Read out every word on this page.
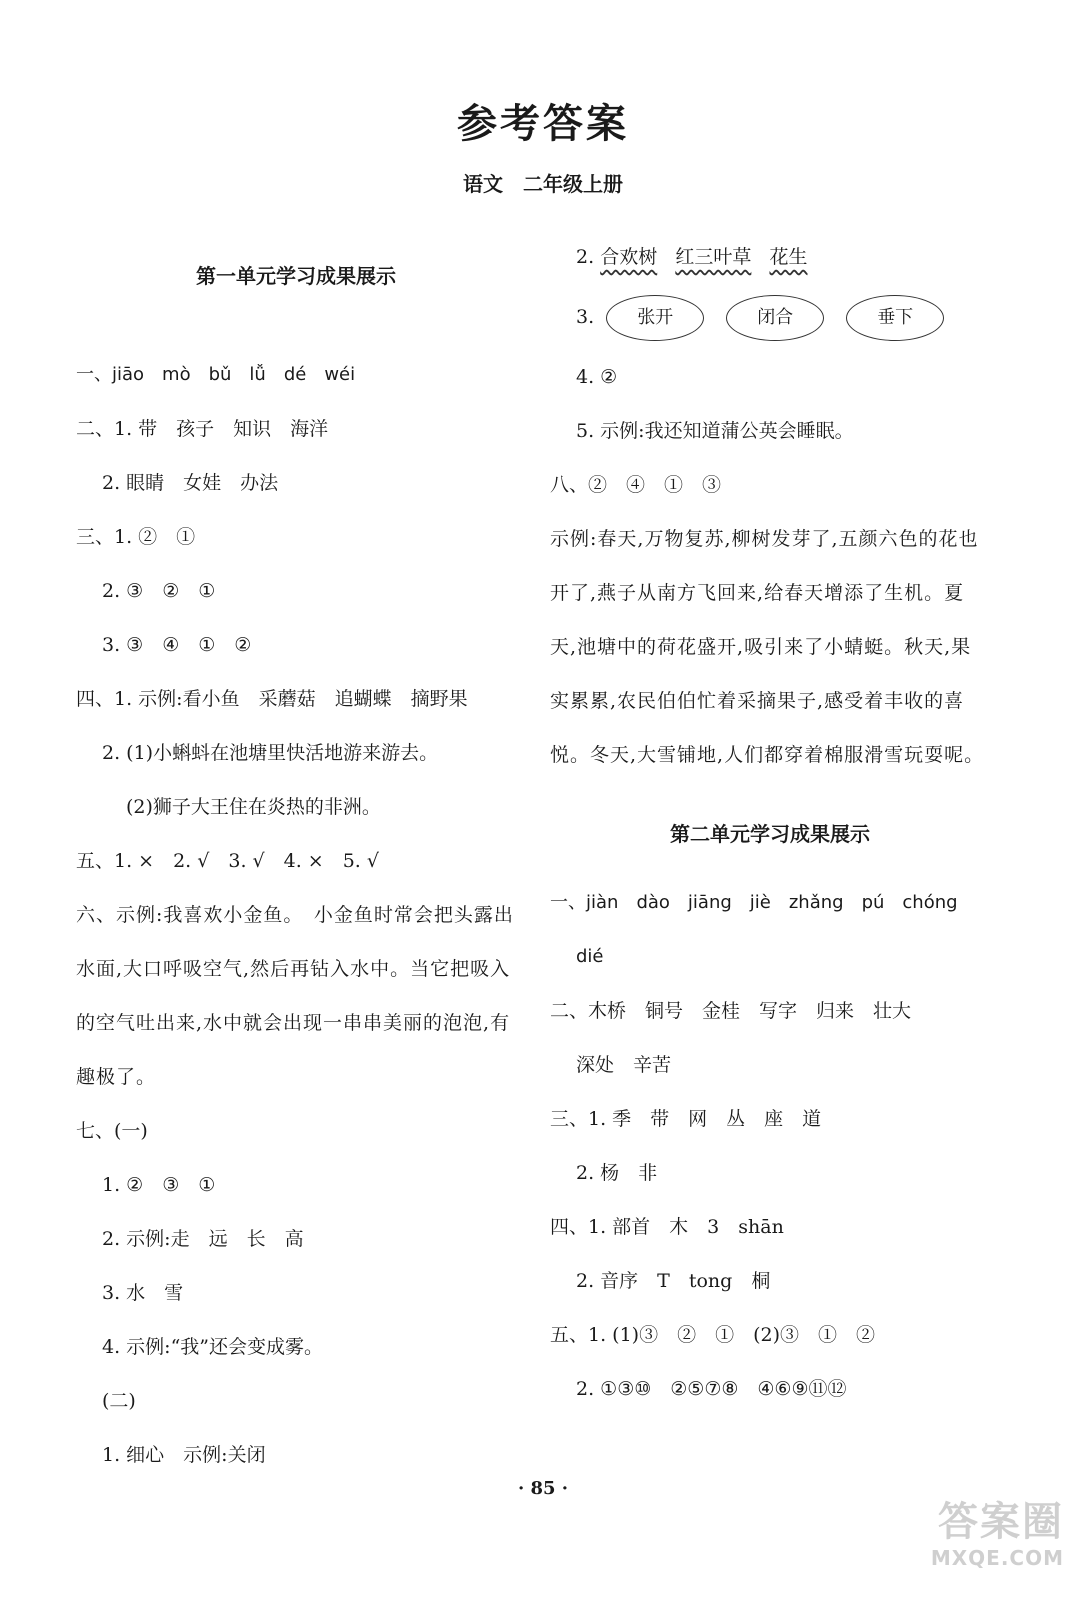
参考答案
语文　二年级上册
第一单元学习成果展示
一、jiāo　mò　bǔ　lǚ　dé　wéi
二、1. 带　孩子　知识　海洋
2. 眼睛　女娃　办法
三、1. ②　①
2. ③　②　①
3. ③　④　①　②
四、1. 示例:看小鱼　采蘑菇　追蝴蝶　摘野果
2. (1)小蝌蚪在池塘里快活地游来游去。
(2)狮子大王住在炎热的非洲。
五、1. ×　2. √　3. √　4. ×　5. √
六、示例:我喜欢小金鱼。　小金鱼时常会把头露出水面,大口呼吸空气,然后再钻入水中。当它把吸入的空气吐出来,水中就会出现一串串美丽的泡泡,有趣极了。
七、(一)
1. ②　③　①
2. 示例:走　远　长　高
3. 水　雪
4. 示例:“我”还会变成雾。
(二)
1. 细心　示例:关闭
2. 合欢树 红三叶草 花生
3.	张开	闭合	垂下
4. ②
5. 示例:我还知道蒲公英会睡眠。
八、②　④　①　③
示例:春天,万物复苏,柳树发芽了,五颜六色的花也开了,燕子从南方飞回来,给春天增添了生机。夏天,池塘中的荷花盛开,吸引来了小蜻蜓。秋天,果实累累,农民伯伯忙着采摘果子,感受着丰收的喜悦。冬天,大雪铺地,人们都穿着棉服滑雪玩耍呢。
第二单元学习成果展示
一、jiàn　dào　jiāng　jiè　zhǎng　pú　chóng
dié
二、木桥　铜号　金桂　写字　归来　壮大
深处　辛苦
三、1. 季　带　网　丛　座　道
2. 杨　非
四、1. 部首　木　3　shān
2. 音序　T　tong　桐
五、1. (1)③　②　①　(2)③　①　②
2. ①③⑩　②⑤⑦⑧　④⑥⑨⑪⑫
· 85 ·
答案圈
MXQE.COM
